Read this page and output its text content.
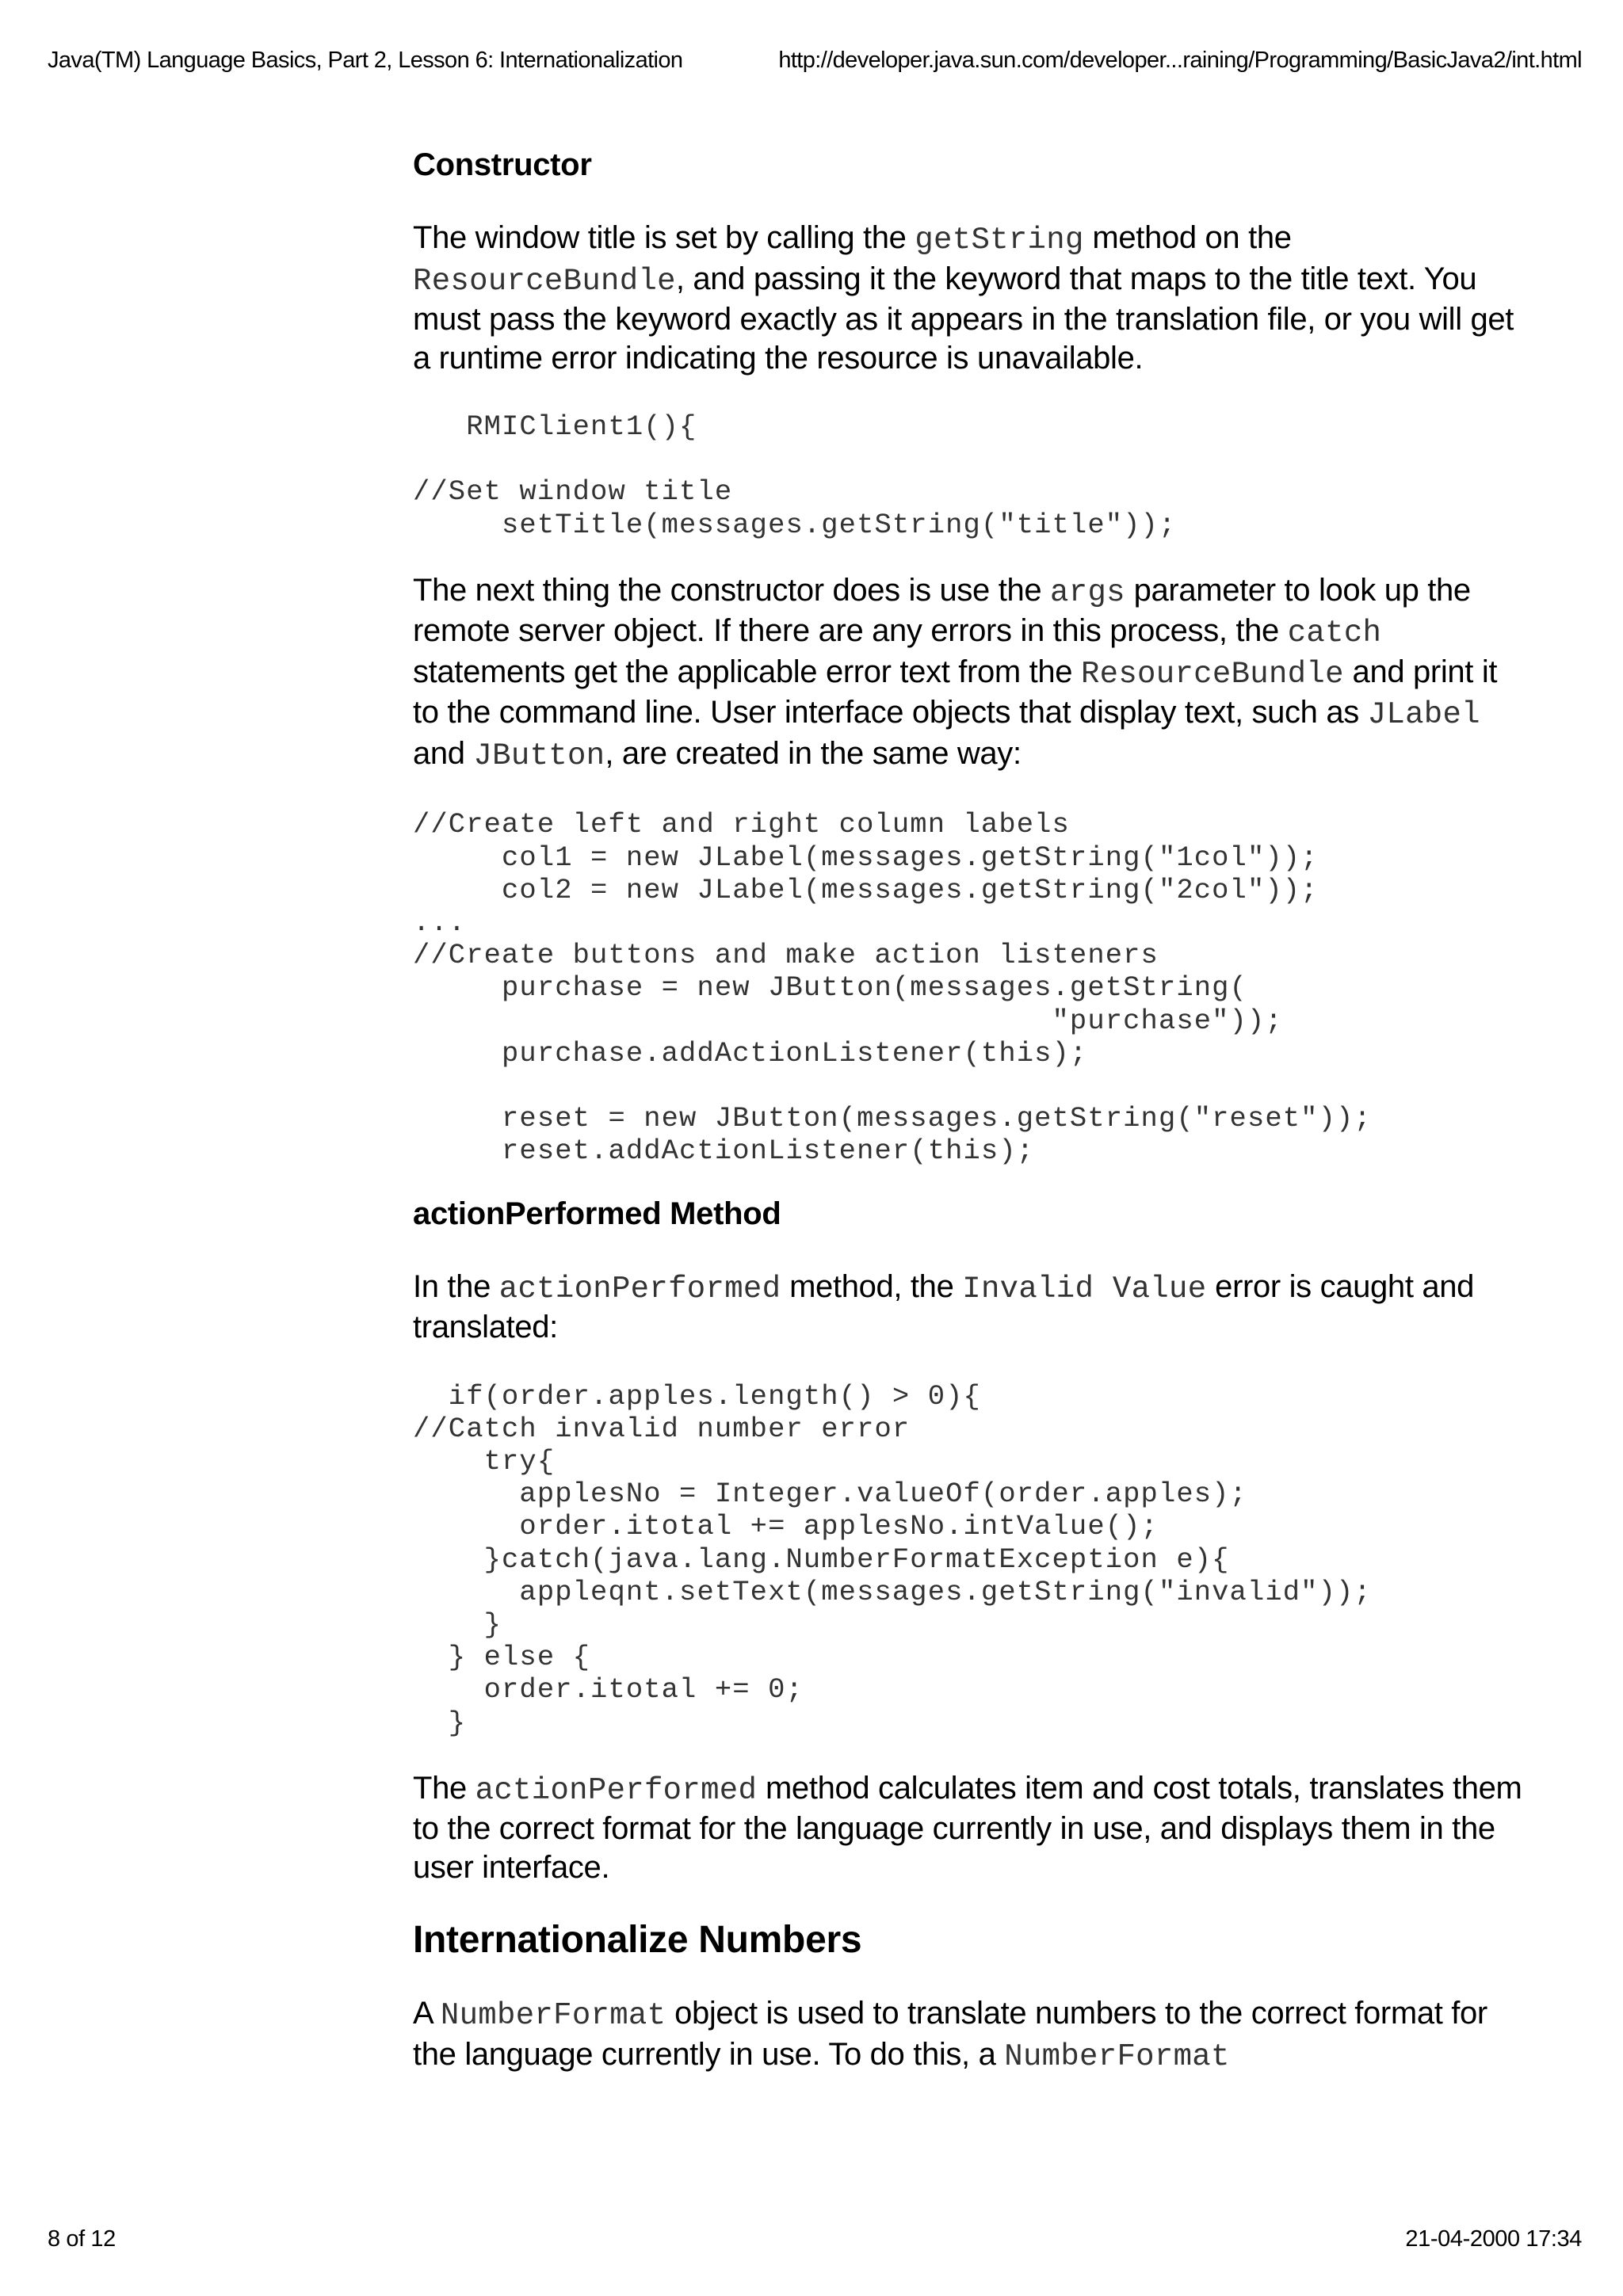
Java(TM) Language Basics, Part 2, Lesson 6: Internationalization	http://developer.java.sun.com/developer...raining/Programming/BasicJava2/int.html
Constructor

The window title is set by calling the getString method on the ResourceBundle, and passing it the keyword that maps to the title text. You must pass the keyword exactly as it appears in the translation file, or you will get a runtime error indicating the resource is unavailable.

RMIClient1(){

//Set window title
setTitle(messages.getString("title"));

The next thing the constructor does is use the args parameter to look up the remote server object. If there are any errors in this process, the catch statements get the applicable error text from the ResourceBundle and print it to the command line. User interface objects that display text, such as JLabel and JButton, are created in the same way:

//Create left and right column labels
col1 = new JLabel(messages.getString("1col"));
col2 = new JLabel(messages.getString("2col"));
...
//Create buttons and make action listeners
purchase = new JButton(messages.getString(
"purchase"));
purchase.addActionListener(this);

reset = new JButton(messages.getString("reset"));
reset.addActionListener(this);
actionPerformed Method

In the actionPerformed method, the Invalid Value error is caught and translated:

if(order.apples.length() > 0){
//Catch invalid number error
try{
applesNo = Integer.valueOf(order.apples);
order.itotal += applesNo.intValue();
}catch(java.lang.NumberFormatException e){
appleqnt.setText(messages.getString("invalid"));
}
} else {
order.itotal += 0;
}

The actionPerformed method calculates item and cost totals, translates them to the correct format for the language currently in use, and displays them in the user interface.

Internationalize Numbers

A NumberFormat object is used to translate numbers to the correct format for the language currently in use. To do this, a NumberFormat

8 of 12	21-04-2000 17:34
